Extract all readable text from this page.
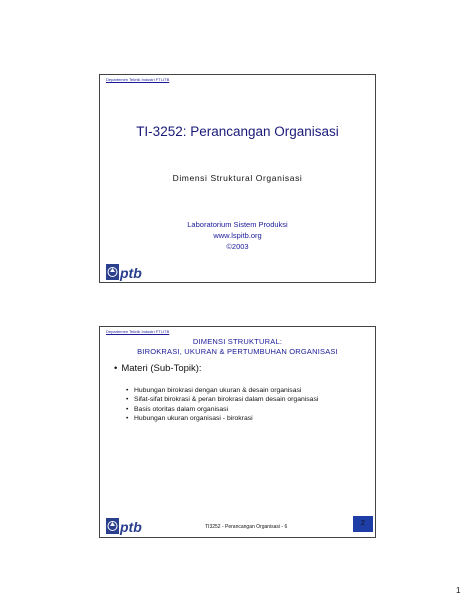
Departemen Teknik Industri FTI-ITB
TI-3252: Perancangan Organisasi
Dimensi Struktural Organisasi
Laboratorium Sistem Produksi
www.lspitb.org
©2003
ptb
Departemen Teknik Industri FTI-ITB
DIMENSI STRUKTURAL:
BIROKRASI, UKURAN & PERTUMBUHAN ORGANISASI
• Materi (Sub-Topik):
• Hubungan birokrasi dengan ukuran & desain organisasi
• Sifat-sifat birokrasi & peran birokrasi dalam desain organisasi
• Basis otoritas dalam organisasi
• Hubungan ukuran organisasi - birokrasi
ptb	TI3252 - Perancangan Organisasi - 6	2
1
